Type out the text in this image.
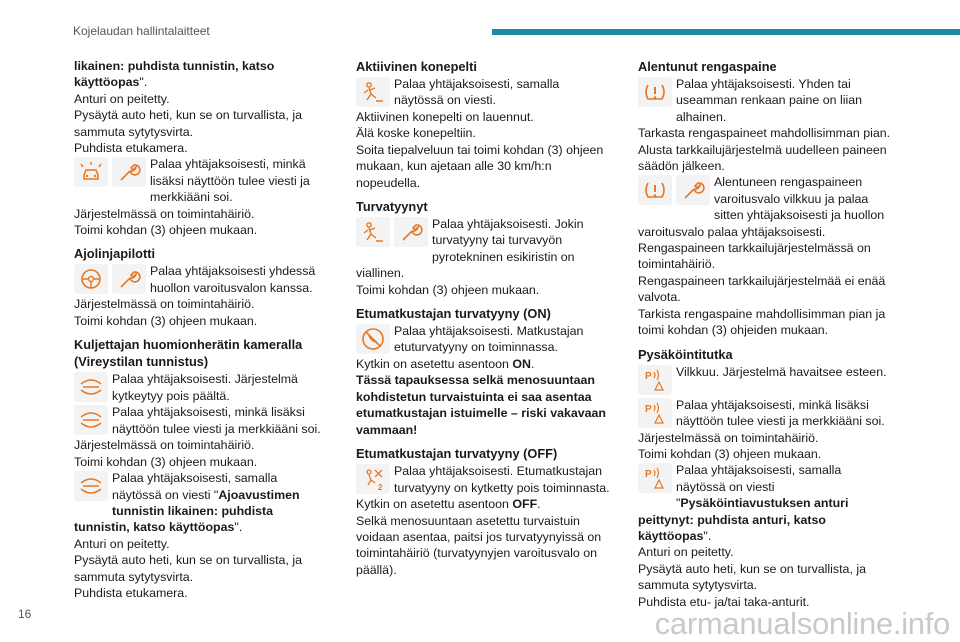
Kojelaudan hallintalaitteet

likainen: puhdista tunnistin, katso käyttöopas".

Anturi on peitetty.

Pysäytä auto heti, kun se on turvallista, ja sammuta sytytysvirta.

Puhdista etukamera.

Palaa yhtäjaksoisesti, minkä lisäksi näyttöön tulee viesti ja merkkiääni soi.

Järjestelmässä on toimintahäiriö.

Toimi kohdan (3) ohjeen mukaan.

Ajolinjapilotti
Palaa yhtäjaksoisesti yhdessä huollon varoitusvalon kanssa.

Järjestelmässä on toimintahäiriö.

Toimi kohdan (3) ohjeen mukaan.

Kuljettajan huomionherätin kameralla (Vireystilan tunnistus)
Palaa yhtäjaksoisesti. Järjestelmä kytkeytyy pois päältä.
Palaa yhtäjaksoisesti, minkä lisäksi näyttöön tulee viesti ja merkkiääni soi.

Järjestelmässä on toimintahäiriö.

Toimi kohdan (3) ohjeen mukaan.

Palaa yhtäjaksoisesti, samalla näytössä on viesti "Ajoavustimen tunnistin likainen: puhdista tunnistin, katso käyttöopas".

Anturi on peitetty.

Pysäytä auto heti, kun se on turvallista, ja sammuta sytytysvirta.

Puhdista etukamera.

Aktiivinen konepelti
Palaa yhtäjaksoisesti, samalla näytössä on viesti.

Aktiivinen konepelti on lauennut.

Älä koske konepeltiin.

Soita tiepalveluun tai toimi kohdan (3) ohjeen mukaan, kun ajetaan alle 30 km/h:n nopeudella.

Turvatyynyt
Palaa yhtäjaksoisesti. Jokin turvatyyny tai turvavyön pyrotekninen esikiristin on viallinen.

Toimi kohdan (3) ohjeen mukaan.

Etumatkustajan turvatyyny (ON)
Palaa yhtäjaksoisesti. Matkustajan etuturvatyyny on toiminnassa.

Kytkin on asetettu asentoon ON.

Tässä tapauksessa selkä menosuuntaan kohdistetun turvaistuinta ei saa asentaa etumatkustajan istuimelle – riski vakavaan vammaan!

Etumatkustajan turvatyyny (OFF)
2
Palaa yhtäjaksoisesti. Etumatkustajan turvatyyny on kytketty pois toiminnasta.

Kytkin on asetettu asentoon OFF.

Selkä menosuuntaan asetettu turvaistuin voidaan asentaa, paitsi jos turvatyynyissä on toimintahäiriö (turvatyynyjen varoitusvalo on päällä).

Alentunut rengaspaine
Palaa yhtäjaksoisesti. Yhden tai useamman renkaan paine on liian alhainen.

Tarkasta rengaspaineet mahdollisimman pian.

Alusta tarkkailujärjestelmä uudelleen paineen säädön jälkeen.

Alentuneen rengaspaineen varoitusvalo vilkkuu ja palaa sitten yhtäjaksoisesti ja huollon varoitusvalo palaa yhtäjaksoisesti.

Rengaspaineen tarkkailujärjestelmässä on toimintahäiriö.

Rengaspaineen tarkkailujärjestelmää ei enää valvota.

Tarkista rengaspaine mahdollisimman pian ja toimi kohdan (3) ohjeiden mukaan.

Pysäköintitutka
P Vilkkuu. Järjestelmä havaitsee esteen.
P Palaa yhtäjaksoisesti, minkä lisäksi näyttöön tulee viesti ja merkkiääni soi.

Järjestelmässä on toimintahäiriö.

Toimi kohdan (3) ohjeen mukaan.

P Palaa yhtäjaksoisesti, samalla näytössä on viesti "Pysäköintiavustuksen anturi peittynyt: puhdista anturi, katso käyttöopas".

Anturi on peitetty.

Pysäytä auto heti, kun se on turvallista, ja sammuta sytytysvirta.

Puhdista etu- ja/tai taka-anturit.

16	carmanualsonline.info
